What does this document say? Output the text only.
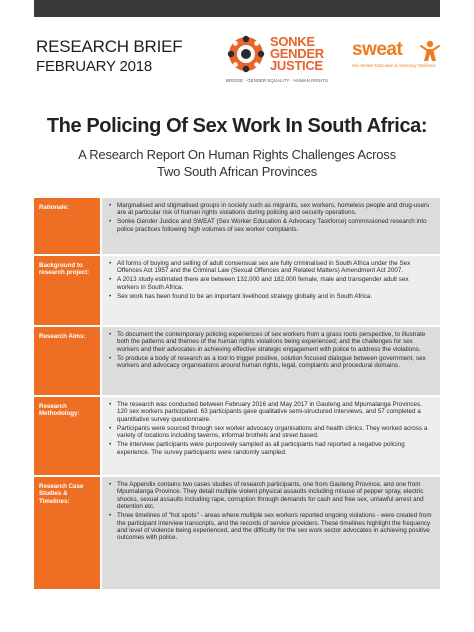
RESEARCH BRIEF
FEBRUARY 2018
SONKE
GENDER
JUSTICE
BRIDGE · GENDER EQUALITY · HUMAN RIGHTS
sweat
Sex Worker Education & Advocacy Taskforce
The Policing Of Sex Work In South Africa:
A Research Report On Human Rights Challenges Across
Two South African Provinces
Rationale:	• Marginalised and stigmatised groups in society such as migrants, sex workers, homeless people and drug-users are at particular risk of human rights violations during policing and security operations.
• Sonke Gender Justice and SWEAT (Sex Worker Education & Advocacy Taskforce) commissioned research into police practices following high volumes of sex worker complaints.
Background to research project:
• All forms of buying and selling of adult consensual sex are fully criminalised in South Africa under the Sex Offences Act 1957 and the Criminal Law (Sexual Offences and Related Matters) Amendment Act 2007.
• A 2013 study estimated there are between 132,000 and 182,000 female, male and transgender adult sex workers in South Africa.
• Sex work has been found to be an important livelihood strategy globally and in South Africa.
Research Aims:	• To document the contemporary policing experiences of sex workers from a grass roots perspective, to illustrate both the patterns and themes of the human rights violations being experienced; and the challenges for sex workers and their advocates in achieving effective strategic engagement with police to address the violations.
• To produce a body of research as a tool to trigger positive, solution focused dialogue between government, sex workers and advocacy organisations around human rights, legal, complaints and procedural domains.
Research Methodology:
• The research was conducted between February 2016 and May 2017 in Gauteng and Mpumalanga Provinces. 120 sex workers participated. 63 participants gave qualitative semi-structured interviews, and 57 completed a quantitative survey questionnaire.
• Participants were sourced through sex worker advocacy organisations and health clinics. They worked across a variety of locations including taverns, informal brothels and street based.
• The interview participants were purposively sampled as all participants had reported a negative policing experience. The survey participants were randomly sampled.
Research Case Studies & Timelines:
• The Appendix contains two cases studies of research participants, one from Gauteng Province, and one from Mpumalanga Province. They detail multiple violent physical assaults including misuse of pepper spray, electric shocks, sexual assaults including rape, corruption through demands for cash and free sex, unlawful arrest and detention etc.
• Three timelines of "hot spots" - areas where multiple sex workers reported ongoing violations - were created from the participant interview transcripts, and the records of service providers. These timelines highlight the frequency and level of violence being experienced, and the difficulty for the sex work sector advocates in achieving positive outcomes with police.
